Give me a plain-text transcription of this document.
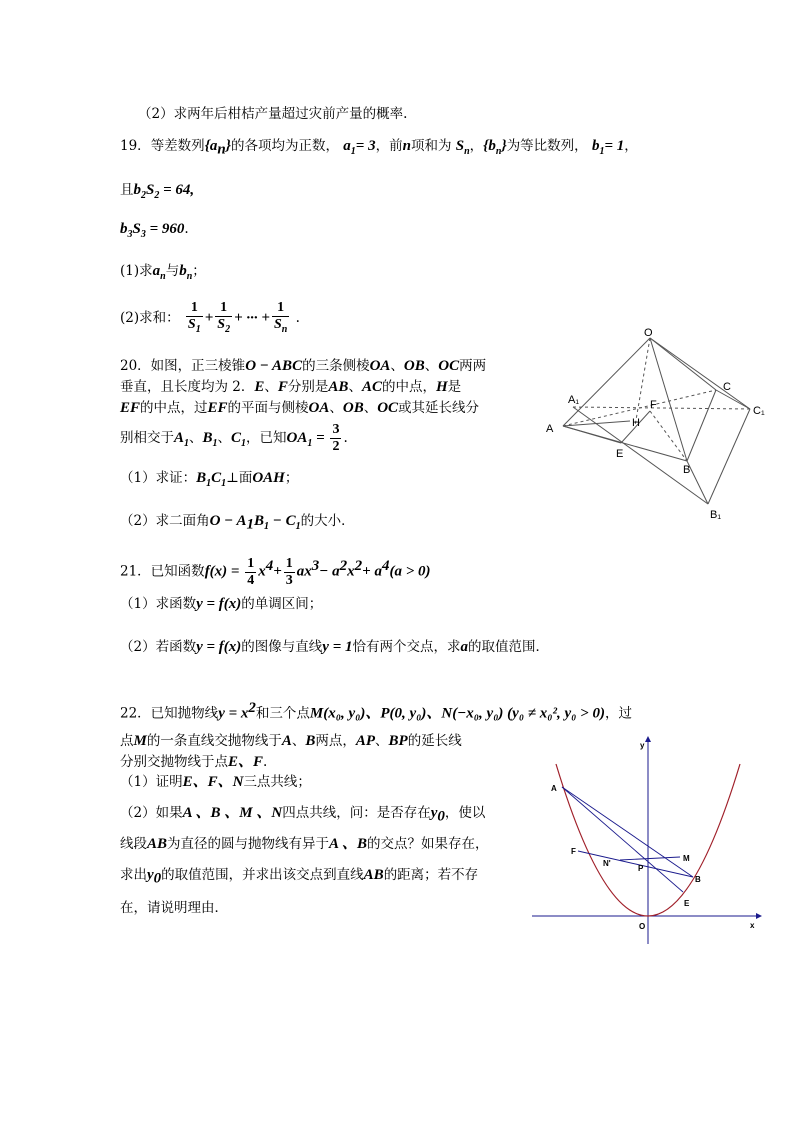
（2）求两年后柑桔产量超过灾前产量的概率.
19．等差数列$\{a_n\}$的各项均为正数， $a_1= 3$，前n项和为 $S_n$，$\{b_n\}$为等比数列， $b_1= 1$，
且$b_2S_2 = 64$,
$b_3S_3 = 960$.
(1)求$a_n$与$b_n$；
(2)求和： $\frac{1}{S_1} + \frac{1}{S_2}$ + ··· + $\frac{1}{S_n}$ .
20．如图，正三棱锥O − ABC的三条侧棱OA、OB、OC两两
垂直，且长度均为 2．E、F分别是AB、AC的中点，H是
EF的中点，过EF的平面与侧棱OA、OB、OC或其延长线分
别相交于$A_1$、$B_1$、$C_1$，已知$OA_1 = \frac{3}{2}$ .
（1）求证：$B_1C_1\perp$面OAH；
（2）求二面角$O - A_1B_1 - C_1$的大小．
O
A₁
A
E
F
H
C
C₁
B
B₁
21．已知函数$f(x) = \frac{1}{4} x^4+ \frac{1}{3} ax^3- a^2x^2+ a^4(a > 0)$
（1）求函数y = f(x)的单调区间；
（2）若函数y = f(x)的图像与直线y = 1恰有两个交点，求a的取值范围．
22．已知抛物线$y = x^2$和三个点M(x₀, y₀)、P(0, y₀)、N(−x₀, y₀) (y₀ ≠ x₀², y₀ > 0)，过
点M的一条直线交抛物线于A、B两点，AP、BP的延长线
分别交抛物线于点E、F.
（1）证明E、F、N三点共线；
（2）如果A 、B 、M 、N四点共线，问：是否存在$y_0$，使以
线段AB为直径的圆与抛物线有异于A 、B的交点？如果存在，
求出$y_0$的取值范围，并求出该交点到直线AB的距离；若不存
在，请说明理由．
y
x
O
A
F
N'
P
M
B
E
